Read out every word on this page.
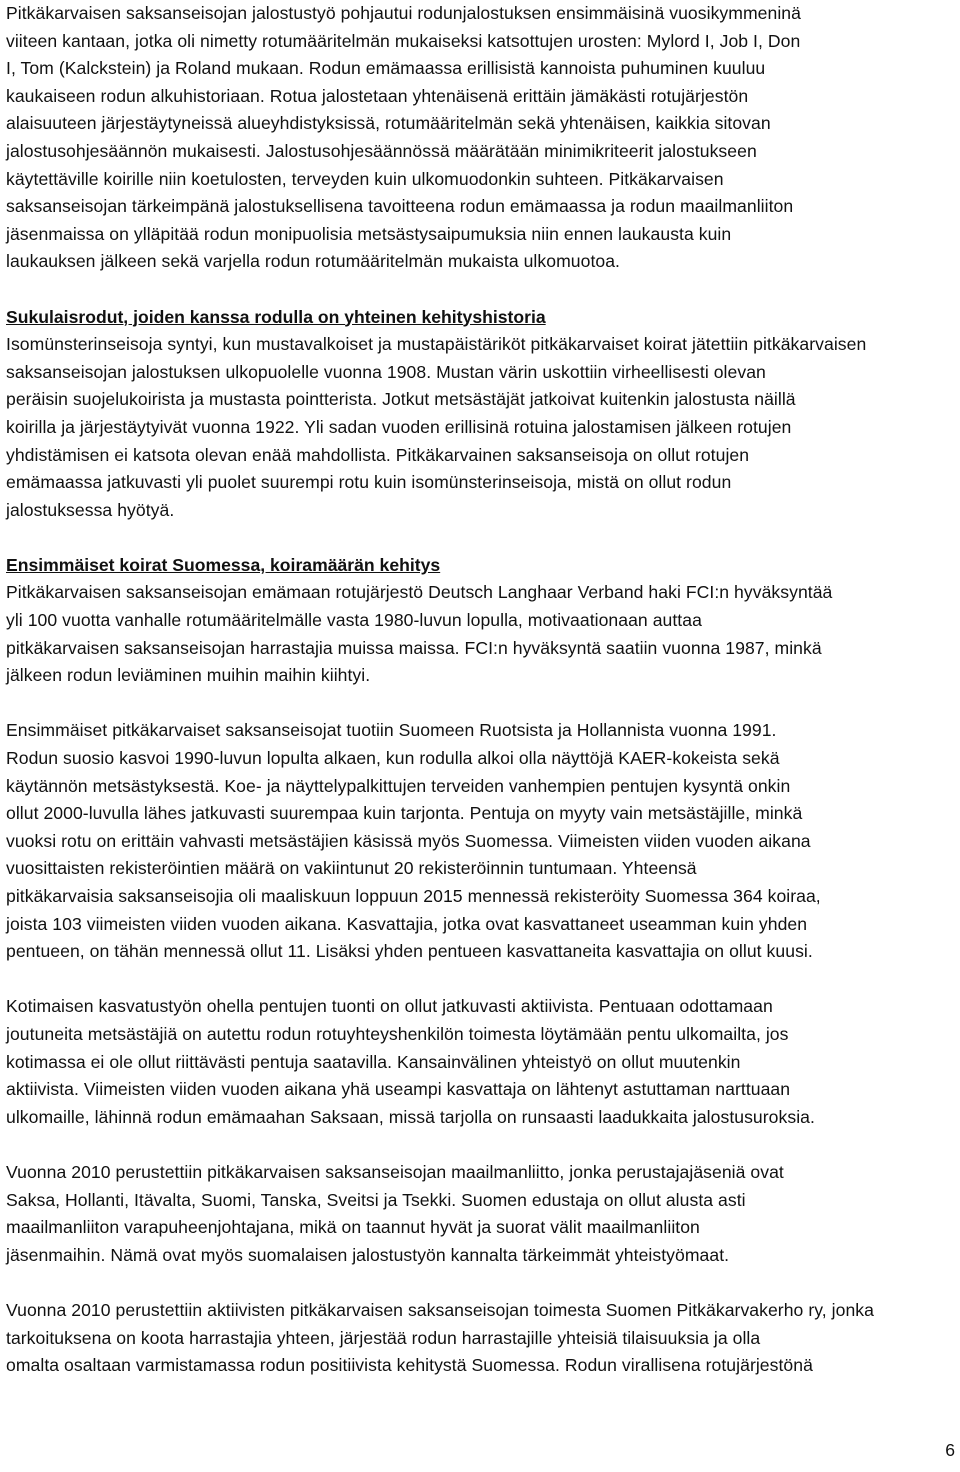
Pitkäkarvaisen saksanseisojan jalostustyö pohjautui rodunjalostuksen ensimmäisinä vuosikymmeninä
viiteen kantaan, jotka oli nimetty rotumääritelmän mukaiseksi katsottujen urosten: Mylord I, Job I, Don
I, Tom (Kalckstein) ja Roland mukaan. Rodun emämaassa erillisistä kannoista puhuminen kuuluu
kaukaiseen rodun alkuhistoriaan. Rotua jalostetaan yhtenäisenä erittäin jämäkästi rotujärjestön
alaisuuteen järjestäytyneissä alueyhdistyksissä, rotumääritelmän sekä yhtenäisen, kaikkia sitovan
jalostusohjesäännön mukaisesti. Jalostusohjesäännössä määrätään minimikriteerit jalostukseen
käytettäville koirille niin koetulosten, terveyden kuin ulkomuodonkin suhteen. Pitkäkarvaisen
saksanseisojan tärkeimpänä jalostuksellisena tavoitteena rodun emämaassa ja rodun maailmanliiton
jäsenmaissa on ylläpitää rodun monipuolisia metsästysaipumuksia niin ennen laukausta kuin
laukauksen jälkeen sekä varjella rodun rotumääritelmän mukaista ulkomuotoa.
Sukulaisrodut, joiden kanssa rodulla on yhteinen kehityshistoria
Isomünsterinseisoja syntyi, kun mustavalkoiset ja mustapäistäriköt pitkäkarvaiset koirat jätettiin pitkäkarvaisen
saksanseisojan jalostuksen ulkopuolelle vuonna 1908. Mustan värin uskottiin virheellisesti olevan
peräisin suojelukoirista ja mustasta pointterista. Jotkut metsästäjät jatkoivat kuitenkin jalostusta näillä
koirilla ja järjestäytyivät vuonna 1922. Yli sadan vuoden erillisinä rotuina jalostamisen jälkeen rotujen
yhdistämisen ei katsota olevan enää mahdollista. Pitkäkarvainen saksanseisoja on ollut rotujen
emämaassa jatkuvasti yli puolet suurempi rotu kuin isomünsterinseisoja, mistä on ollut rodun
jalostuksessa hyötyä.
Ensimmäiset koirat Suomessa, koiramäärän kehitys
Pitkäkarvaisen saksanseisojan emämaan rotujärjestö Deutsch Langhaar Verband haki FCI:n hyväksyntää
yli 100 vuotta vanhalle rotumääritelmälle vasta 1980-luvun lopulla, motivaationaan auttaa
pitkäkarvaisen saksanseisojan harrastajia muissa maissa. FCI:n hyväksyntä saatiin vuonna 1987, minkä
jälkeen rodun leviäminen muihin maihin kiihtyi.
Ensimmäiset pitkäkarvaiset saksanseisojat tuotiin Suomeen Ruotsista ja Hollannista vuonna 1991.
Rodun suosio kasvoi 1990-luvun lopulta alkaen, kun rodulla alkoi olla näyttöjä KAER-kokeista sekä
käytännön metsästyksestä. Koe- ja näyttelypalkittujen terveiden vanhempien pentujen kysyntä onkin
ollut 2000-luvulla lähes jatkuvasti suurempaa kuin tarjonta. Pentuja on myyty vain metsästäjille, minkä
vuoksi rotu on erittäin vahvasti metsästäjien käsissä myös Suomessa. Viimeisten viiden vuoden aikana
vuosittaisten rekisteröintien määrä on vakiintunut 20 rekisteröinnin tuntumaan. Yhteensä
pitkäkarvaisia saksanseisojia oli maaliskuun loppuun 2015 mennessä rekisteröity Suomessa 364 koiraa,
joista 103 viimeisten viiden vuoden aikana. Kasvattajia, jotka ovat kasvattaneet useamman kuin yhden
pentueen, on tähän mennessä ollut 11. Lisäksi yhden pentueen kasvattaneita kasvattajia on ollut kuusi.
Kotimaisen kasvatustyön ohella pentujen tuonti on ollut jatkuvasti aktiivista. Pentuaan odottamaan
joutuneita metsästäjiä on autettu rodun rotuyhteyshenkilön toimesta löytämään pentu ulkomailta, jos
kotimassa ei ole ollut riittävästi pentuja saatavilla. Kansainvälinen yhteistyö on ollut muutenkin
aktiivista. Viimeisten viiden vuoden aikana yhä useampi kasvattaja on lähtenyt astuttaman narttuaan
ulkomaille, lähinnä rodun emämaahan Saksaan, missä tarjolla on runsaasti laadukkaita jalostusuroksia.
Vuonna 2010 perustettiin pitkäkarvaisen saksanseisojan maailmanliitto, jonka perustajajäseniä ovat
Saksa, Hollanti, Itävalta, Suomi, Tanska, Sveitsi ja Tsekki. Suomen edustaja on ollut alusta asti
maailmanliiton varapuheenjohtajana, mikä on taannut hyvät ja suorat välit maailmanliiton
jäsenmaihin. Nämä ovat myös suomalaisen jalostustyön kannalta tärkeimmät yhteistyömaat.
Vuonna 2010 perustettiin aktiivisten pitkäkarvaisen saksanseisojan toimesta Suomen Pitkäkarvakerho ry, jonka
tarkoituksena on koota harrastajia yhteen, järjestää rodun harrastajille yhteisiä tilaisuuksia ja olla
omalta osaltaan varmistamassa rodun positiivista kehitystä Suomessa. Rodun virallisena rotujärjestönä
6
